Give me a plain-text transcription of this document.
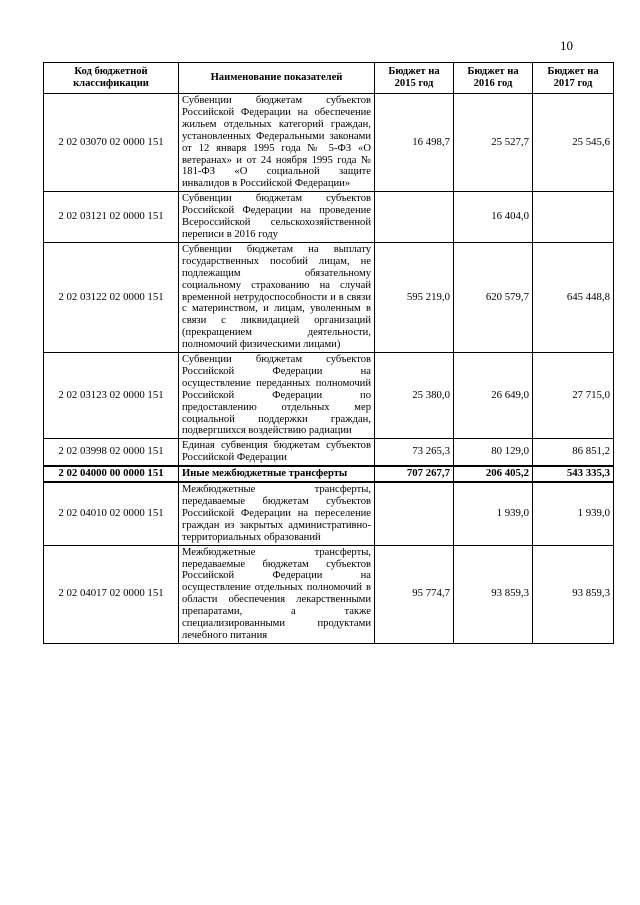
10
Код бюджетной классификации	Наименование показателей	Бюджет на 2015 год	Бюджет на 2016 год	Бюджет на 2017 год
2 02 03070 02 0000 151	Субвенции бюджетам субъектов Российской Федерации на обеспечение жильем отдельных категорий граждан, установленных Федеральными законами от 12 января 1995 года № 5-ФЗ «О ветеранах» и от 24 ноября 1995 года № 181-ФЗ «О социальной защите инвалидов в Российской Федерации»	16 498,7	25 527,7	25 545,6
2 02 03121 02 0000 151	Субвенции бюджетам субъектов Российской Федерации на проведение Всероссийской сельскохозяйственной переписи в 2016 году		16 404,0	
2 02 03122 02 0000 151	Субвенции бюджетам на выплату государственных пособий лицам, не подлежащим обязательному социальному страхованию на случай временной нетрудоспособности и в связи с материнством, и лицам, уволенным в связи с ликвидацией организаций (прекращением деятельности, полномочий физическими лицами)	595 219,0	620 579,7	645 448,8
2 02 03123 02 0000 151	Субвенции бюджетам субъектов Российской Федерации на осуществление переданных полномочий Российской Федерации по предоставлению отдельных мер социальной поддержки граждан, подвергшихся воздействию радиации	25 380,0	26 649,0	27 715,0
2 02 03998 02 0000 151	Единая субвенция бюджетам субъектов Российской Федерации	73 265,3	80 129,0	86 851,2
2 02 04000 00 0000 151	Иные межбюджетные трансферты	707 267,7	206 405,2	543 335,3
2 02 04010 02 0000 151	Межбюджетные трансферты, передаваемые бюджетам субъектов Российской Федерации на переселение граждан из закрытых административно-территориальных образований		1 939,0	1 939,0
2 02 04017 02 0000 151	Межбюджетные трансферты, передаваемые бюджетам субъектов Российской Федерации на осуществление отдельных полномочий в области обеспечения лекарственными препаратами, а также специализированными продуктами лечебного питания	95 774,7	93 859,3	93 859,3
